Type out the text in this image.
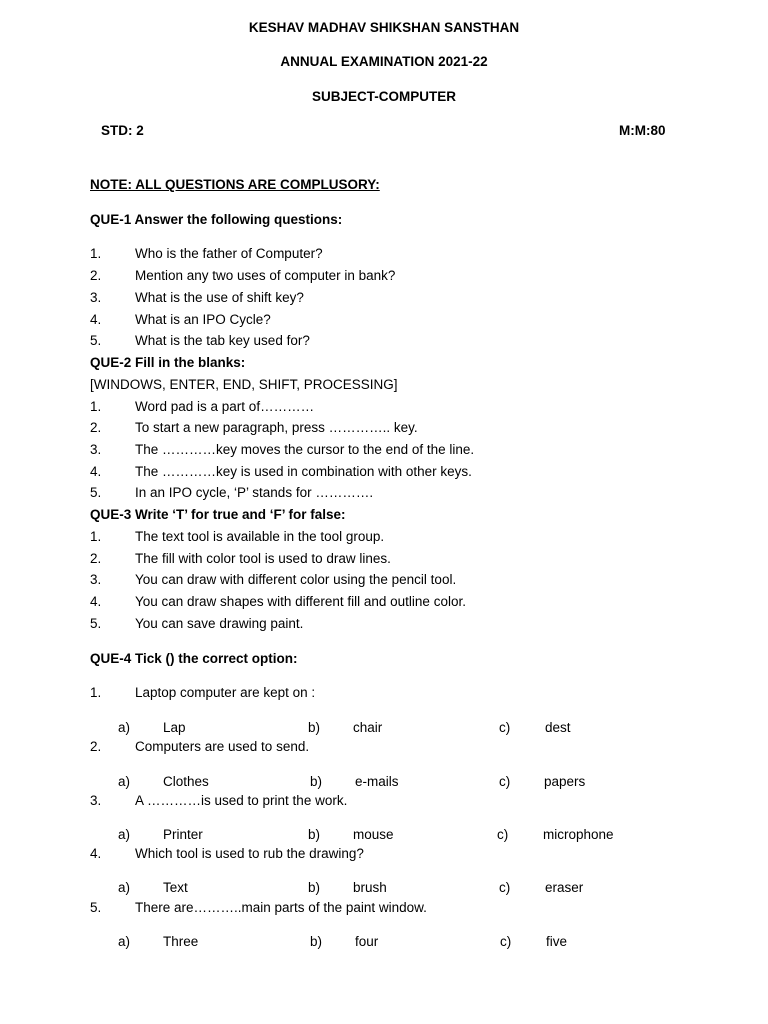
KESHAV MADHAV SHIKSHAN SANSTHAN
ANNUAL EXAMINATION 2021-22
SUBJECT-COMPUTER
STD: 2	M:M:80
NOTE: ALL QUESTIONS ARE COMPLUSORY:
QUE-1 Answer the following questions:
1. Who is the father of Computer?
2. Mention any two uses of computer in bank?
3. What is the use of shift key?
4. What is an IPO Cycle?
5. What is the tab key used for?
QUE-2 Fill in the blanks:
[WINDOWS, ENTER, END, SHIFT, PROCESSING]
1. Word pad is a part of…………
2. To start a new paragraph, press ………….. key.
3. The …………key moves the cursor to the end of the line.
4. The …………key is used in combination with other keys.
5. In an IPO cycle, ‘P’ stands for ………….
QUE-3 Write ‘T’ for true and ‘F’ for false:
1. The text tool is available in the tool group.
2. The fill with color tool is used to draw lines.
3. You can draw with different color using the pencil tool.
4. You can draw shapes with different fill and outline color.
5. You can save drawing paint.
QUE-4 Tick () the correct option:
1. Laptop computer are kept on :
a) Lap	b) chair	c)	dest
2. Computers are used to send.
a) Clothes	b) e-mails	c)	papers
3. A …………is used to print the work.
a) Printer	b) mouse	c)	microphone
4. Which tool is used to rub the drawing?
a) Text	b) brush	c)	eraser
5. There are………..main parts of the paint window.
a) Three	b) four	c)	five
